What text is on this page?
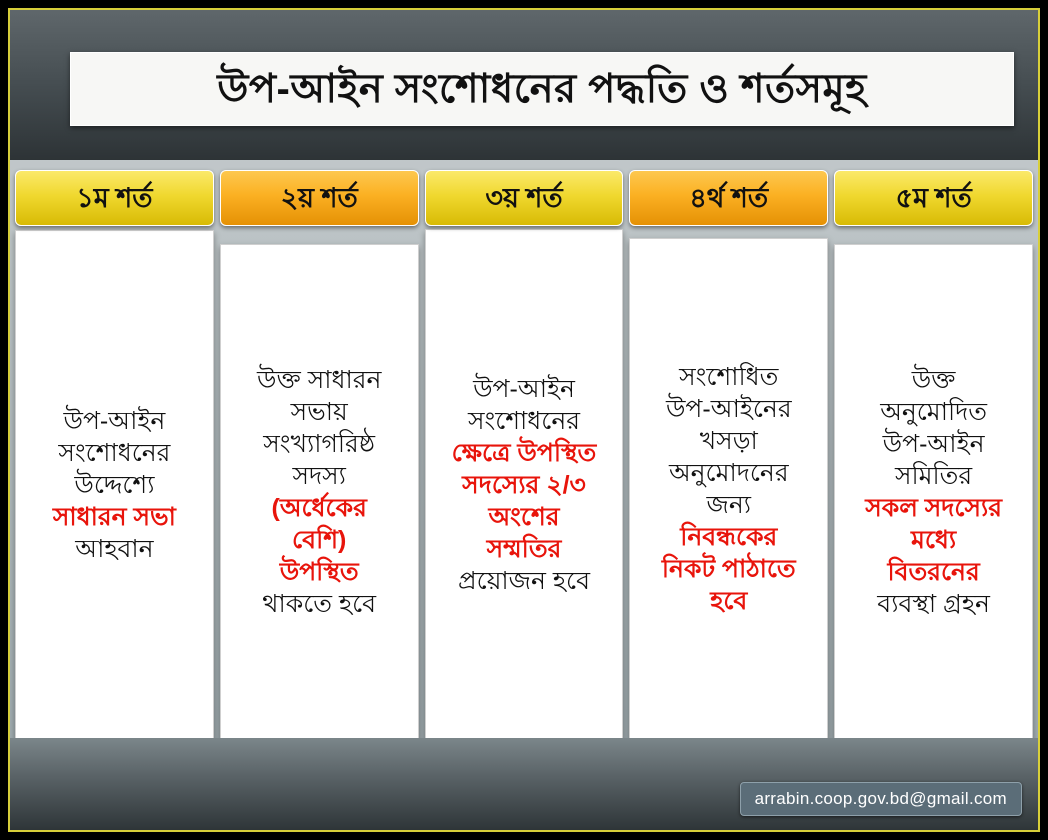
উপ-আইন সংশোধনের পদ্ধতি ও শর্তসমূহ
১ম শর্ত
উপ-আইন
সংশোধনের
উদ্দেশ্যে
সাধারন সভা
আহবান
২য় শর্ত
উক্ত সাধারন
সভায়
সংখ্যাগরিষ্ঠ
সদস্য
(অর্ধেকের
বেশি)
উপস্থিত
থাকতে হবে
৩য় শর্ত
উপ-আইন
সংশোধনের
ক্ষেত্রে উপস্থিত
সদস্যের ২/৩
অংশের
সম্মতির
প্রয়োজন হবে
৪র্থ শর্ত
সংশোধিত
উপ-আইনের
খসড়া
অনুমোদনের
জন্য
নিবন্ধকের
নিকট পাঠাতে
হবে
৫ম শর্ত
উক্ত
অনুমোদিত
উপ-আইন
সমিতির
সকল সদস্যের
মধ্যে
বিতরনের
ব্যবস্থা গ্রহন
arrabin.coop.gov.bd@gmail.com
